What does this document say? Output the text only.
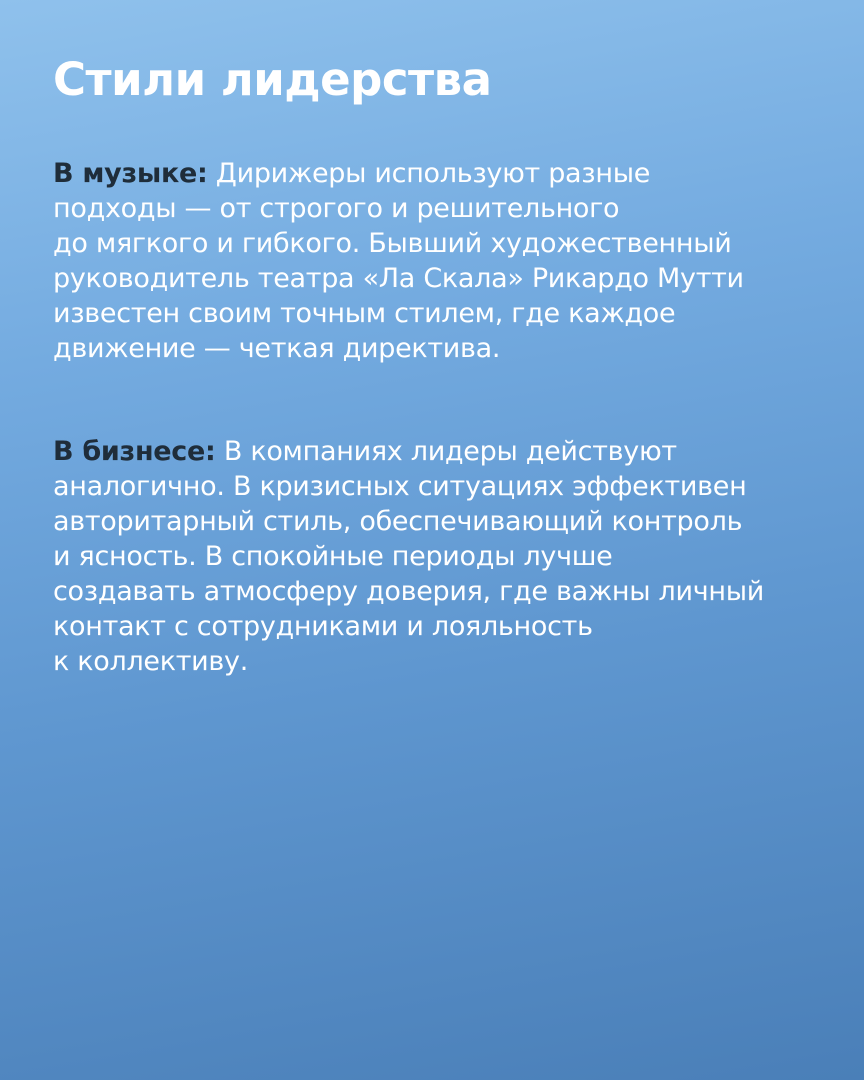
Стили лидерства

В музыке: Дирижеры используют разные
подходы — от строгого и решительного
до мягкого и гибкого. Бывший художественный
руководитель театра «Ла Скала» Рикардо Мутти
известен своим точным стилем, где каждое
движение — четкая директива.

В бизнесе: В компаниях лидеры действуют
аналогично. В кризисных ситуациях эффективен
авторитарный стиль, обеспечивающий контроль
и ясность. В спокойные периоды лучше
создавать атмосферу доверия, где важны личный
контакт с сотрудниками и лояльность
к коллективу.
